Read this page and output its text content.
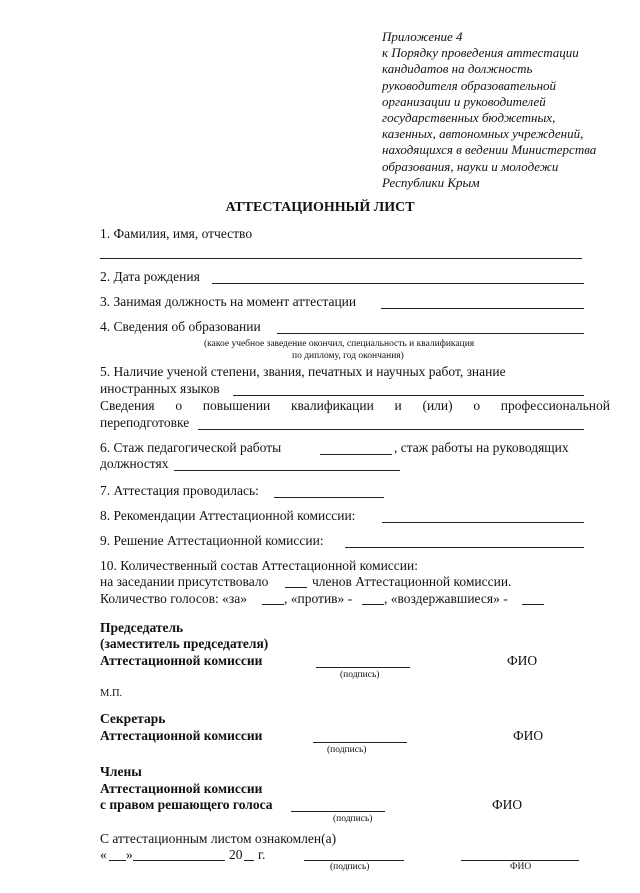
Приложение 4
к Порядку проведения аттестации
кандидатов на должность
руководителя образовательной
организации и руководителей
государственных бюджетных,
казенных, автономных учреждений,
находящихся в ведении Министерства
образования, науки и молодежи
Республики Крым
АТТЕСТАЦИОННЫЙ ЛИСТ
1. Фамилия, имя, отчество
2. Дата рождения
3. Занимая должность на момент аттестации
4. Сведения об образовании
(какое учебное заведение окончил, специальность и квалификация
по диплому, год окончания)
5. Наличие ученой степени, звания, печатных и научных работ, знание
иностранных языков
Сведения о повышении квалификации и (или) о профессиональной
переподготовке
6. Стаж педагогической работы	, стаж работы на руководящих
должностях
7. Аттестация проводилась:
8. Рекомендации Аттестационной комиссии:
9. Решение Аттестационной комиссии:
10. Количественный состав Аттестационной комиссии:
на заседании присутствовало	членов Аттестационной комиссии.
Количество голосов: «за»	, «против» - , «воздержавшиеся» -
Председатель
(заместитель председателя)
Аттестационной комиссии
(подпись)
ФИО
М.П.
Секретарь
Аттестационной комиссии
(подпись)
ФИО
Члены
Аттестационной комиссии
с правом решающего голоса
(подпись)
ФИО
С аттестационным листом ознакомлен(а)
« »	20 г.
(подпись)	ФИО
